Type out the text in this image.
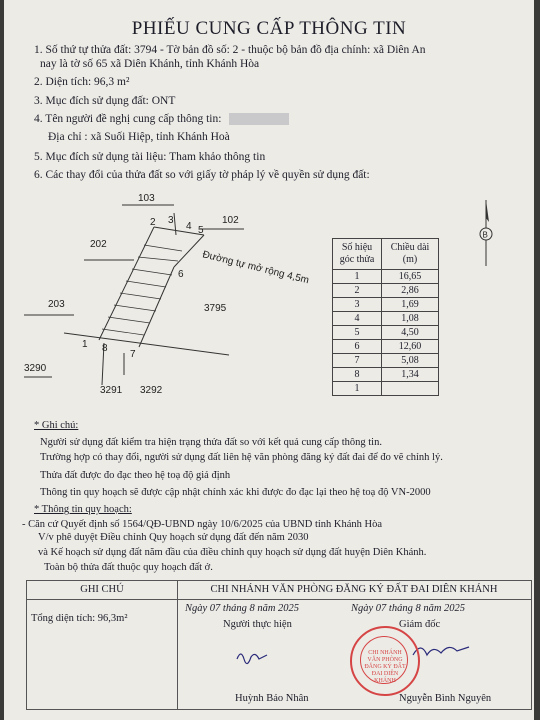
PHIẾU CUNG CẤP THÔNG TIN
1. Số thứ tự thửa đất: 3794 - Tờ bản đồ số: 2 - thuộc bộ bản đồ địa chính: xã Diên An
nay là tờ số 65 xã Diên Khánh, tỉnh Khánh Hòa
2. Diện tích: 96,3 m²
3. Mục đích sử dụng đất: ONT
4. Tên người đề nghị cung cấp thông tin:
Địa chỉ : xã Suối Hiệp, tỉnh Khánh Hoà
5. Mục đích sử dụng tài liệu: Tham khảo thông tin
6. Các thay đổi của thửa đất so với giấy tờ pháp lý về quyền sử dụng đất:
103
102
202
203	3795
3290
3291 3292
2 3
4 5
6
1 8
7
Đường tự mở rộng 4,5m
B
Số hiệu góc thửa	Chiều dài (m)
1	16,65
2	2,86
3	1,69
4	1,08
5	4,50
6	12,60
7	5,08
8	1,34
1	
* Ghi chú:
Người sử dụng đất kiểm tra hiện trạng thửa đất so với kết quả cung cấp thông tin.
Trường hợp có thay đổi, người sử dụng đất liên hệ văn phòng đăng ký đất đai để đo vẽ chỉnh lý.
Thửa đất được đo đạc theo hệ toạ độ giả định
Thông tin quy hoạch sẽ được cập nhật chính xác khi được đo đạc lại theo hệ toạ độ VN-2000
* Thông tin quy hoạch:
- Căn cứ Quyết định số 1564/QĐ-UBND ngày 10/6/2025 của UBND tỉnh Khánh Hòa
V/v phê duyệt Điều chỉnh Quy hoạch sử dụng đất đến năm 2030
và Kế hoạch sử dụng đất năm đầu của điều chỉnh quy hoạch sử dụng đất huyện Diên Khánh.
Toàn bộ thửa đất thuộc quy hoạch đất ở.
GHI CHÚ
Tổng diện tích: 96,3m²
CHI NHÁNH VĂN PHÒNG ĐĂNG KÝ ĐẤT ĐAI DIÊN KHÁNH
Ngày 07 tháng 8 năm 2025	Ngày 07 tháng 8 năm 2025
Người thực hiện	Giám đốc
Huỳnh Bảo Nhân	Nguyễn Bình Nguyên
CHI NHÁNH VĂN PHÒNG ĐĂNG KÝ ĐẤT ĐAI DIÊN KHÁNH
